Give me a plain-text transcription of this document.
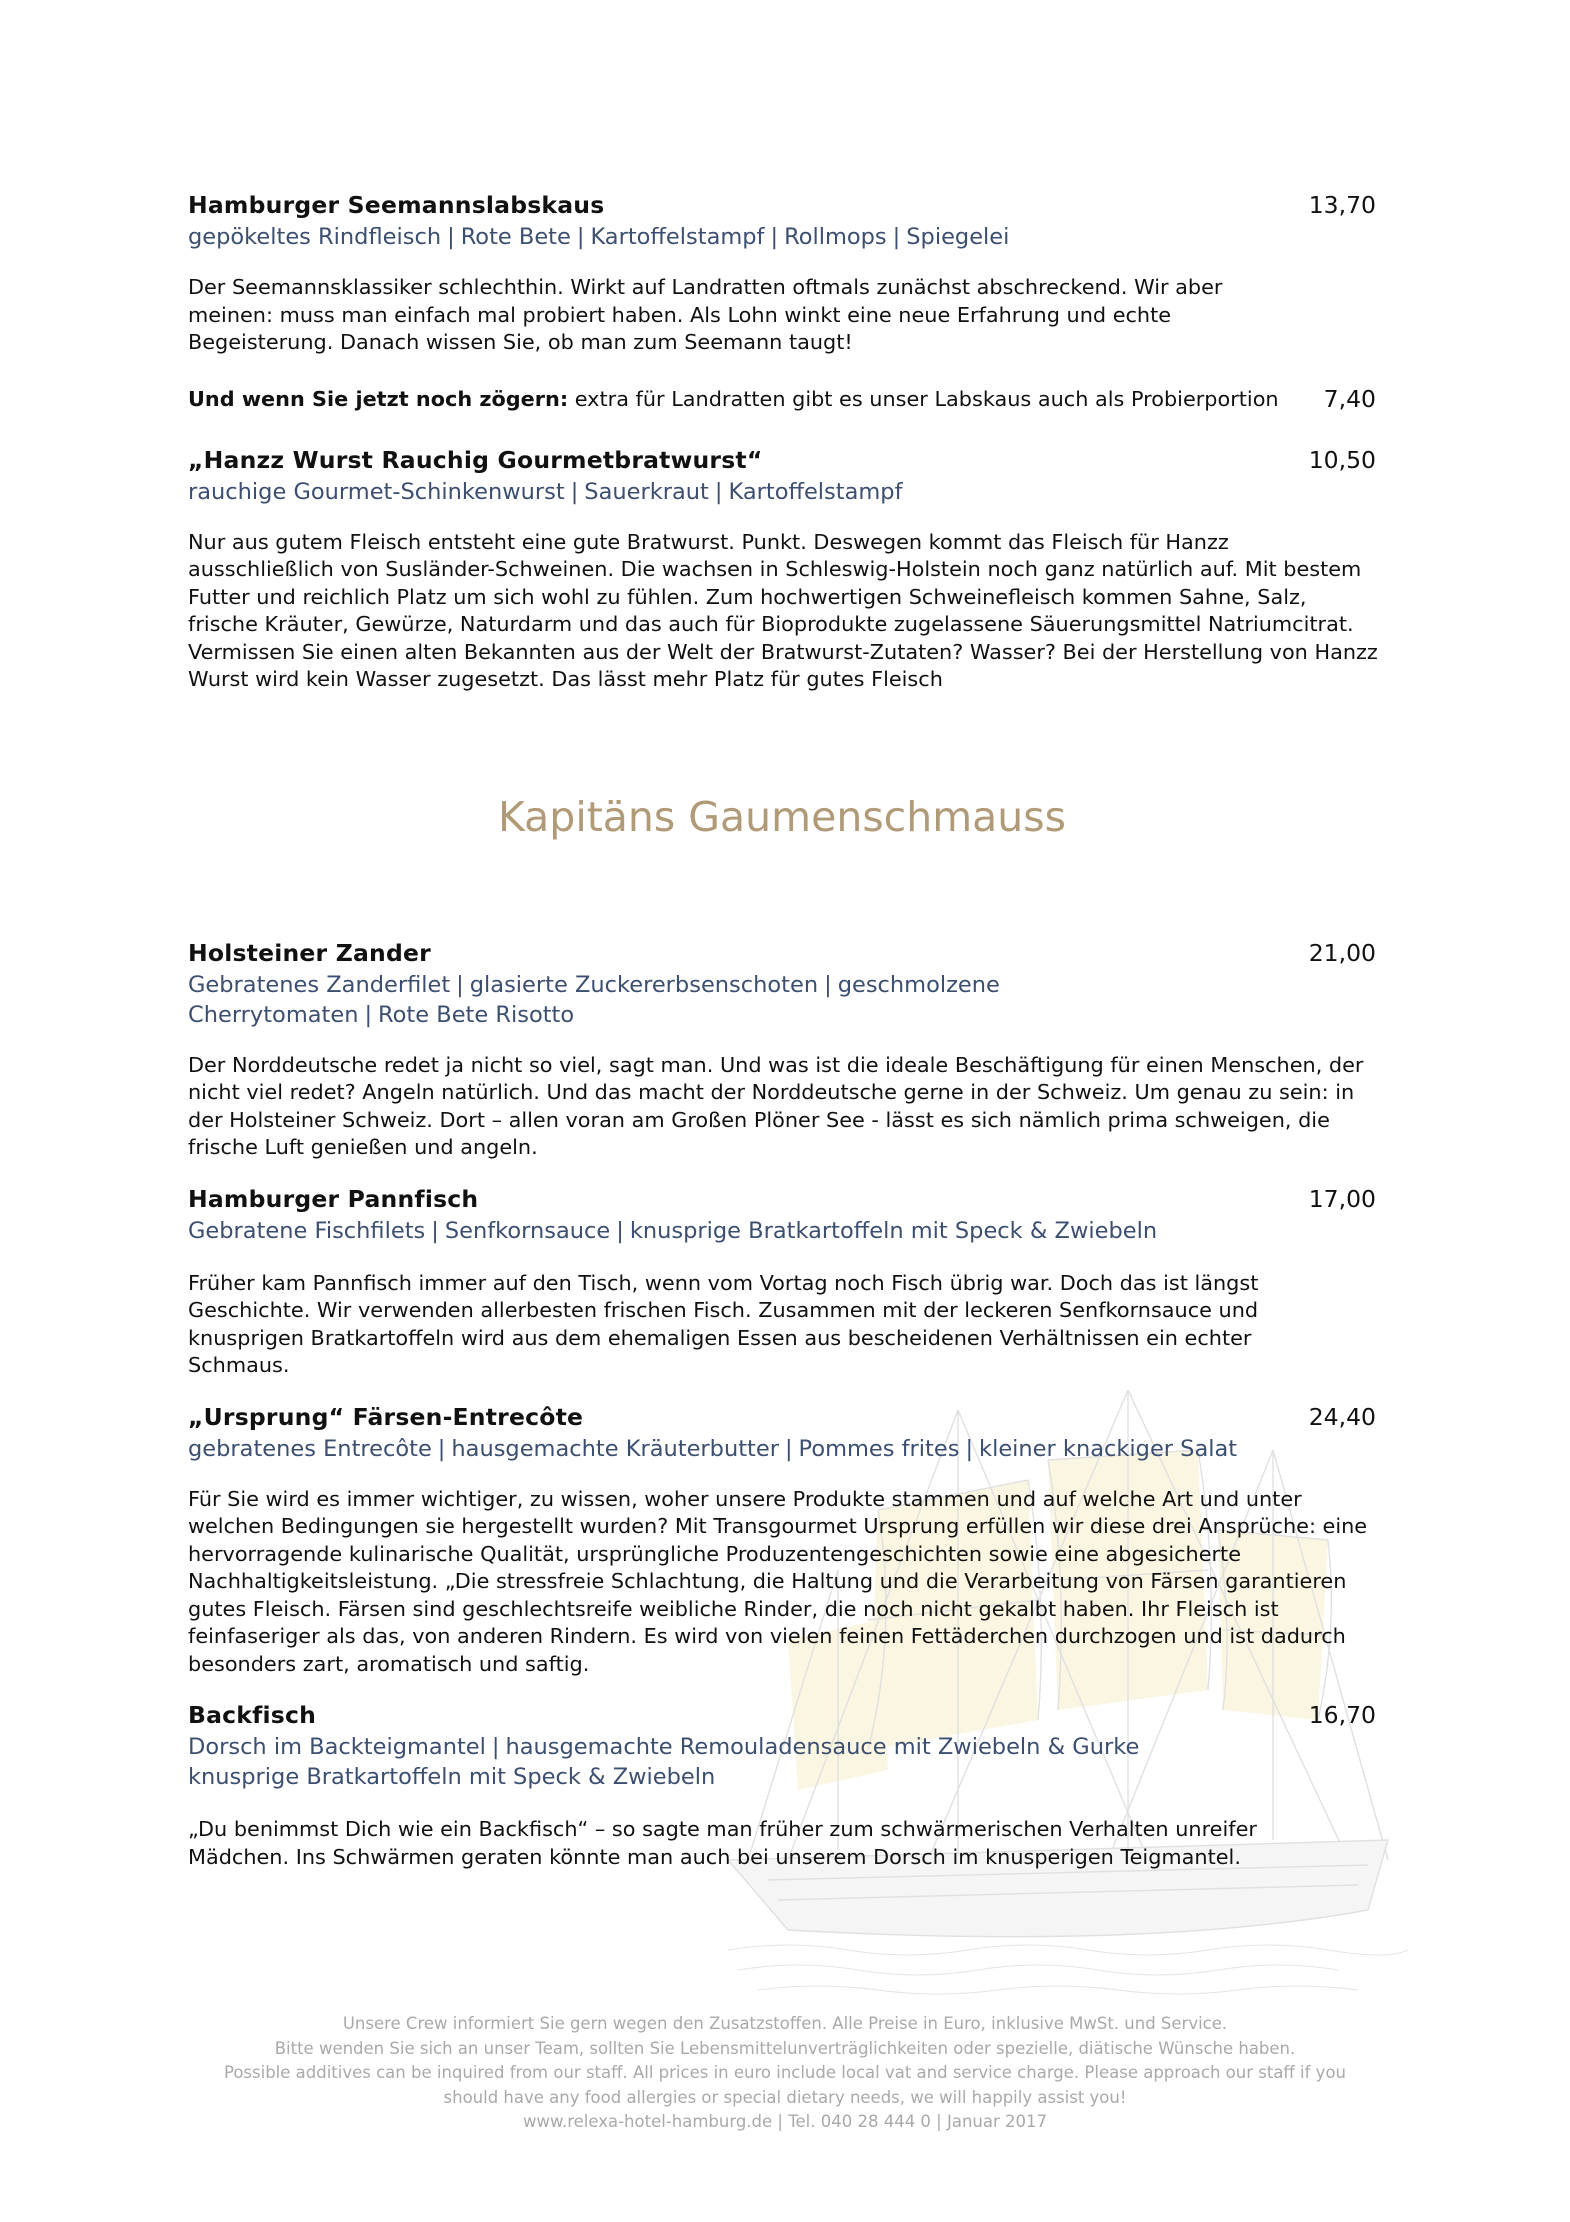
Hamburger Seemannslabskaus	13,70
gepökeltes Rindfleisch | Rote Bete | Kartoffelstampf | Rollmops | Spiegelei
Der Seemannsklassiker schlechthin. Wirkt auf Landratten oftmals zunächst abschreckend. Wir aber meinen: muss man einfach mal probiert haben. Als Lohn winkt eine neue Erfahrung und echte Begeisterung. Danach wissen Sie, ob man zum Seemann taugt!
Und wenn Sie jetzt noch zögern: extra für Landratten gibt es unser Labskaus auch als Probierportion 7,40
„Hanzz Wurst Rauchig Gourmetbratwurst“	10,50
rauchige Gourmet-Schinkenwurst | Sauerkraut | Kartoffelstampf
Nur aus gutem Fleisch entsteht eine gute Bratwurst. Punkt. Deswegen kommt das Fleisch für Hanzz ausschließlich von Susländer-Schweinen. Die wachsen in Schleswig-Holstein noch ganz natürlich auf. Mit bestem Futter und reichlich Platz um sich wohl zu fühlen. Zum hochwertigen Schweinefleisch kommen Sahne, Salz, frische Kräuter, Gewürze, Naturdarm und das auch für Bioprodukte zugelassene Säuerungsmittel Natriumcitrat. Vermissen Sie einen alten Bekannten aus der Welt der Bratwurst-Zutaten? Wasser? Bei der Herstellung von Hanzz Wurst wird kein Wasser zugesetzt. Das lässt mehr Platz für gutes Fleisch
Kapitäns Gaumenschmauss
Holsteiner Zander	21,00
Gebratenes Zanderfilet | glasierte Zuckererbsenschoten | geschmolzene
Cherrytomaten | Rote Bete Risotto
Der Norddeutsche redet ja nicht so viel, sagt man. Und was ist die ideale Beschäftigung für einen Menschen, der nicht viel redet? Angeln natürlich. Und das macht der Norddeutsche gerne in der Schweiz. Um genau zu sein: in der Holsteiner Schweiz. Dort – allen voran am Großen Plöner See - lässt es sich nämlich prima schweigen, die frische Luft genießen und angeln.
Hamburger Pannfisch	17,00
Gebratene Fischfilets | Senfkornsauce | knusprige Bratkartoffeln mit Speck & Zwiebeln
Früher kam Pannfisch immer auf den Tisch, wenn vom Vortag noch Fisch übrig war. Doch das ist längst Geschichte. Wir verwenden allerbesten frischen Fisch. Zusammen mit der leckeren Senfkornsauce und knusprigen Bratkartoffeln wird aus dem ehemaligen Essen aus bescheidenen Verhältnissen ein echter Schmaus.
„Ursprung“ Färsen-Entrecôte	24,40
gebratenes Entrecôte | hausgemachte Kräuterbutter | Pommes frites | kleiner knackiger Salat
Für Sie wird es immer wichtiger, zu wissen, woher unsere Produkte stammen und auf welche Art und unter welchen Bedingungen sie hergestellt wurden? Mit Transgourmet Ursprung erfüllen wir diese drei Ansprüche: eine hervorragende kulinarische Qualität, ursprüngliche Produzentengeschichten sowie eine abgesicherte Nachhaltigkeitsleistung. „Die stressfreie Schlachtung, die Haltung und die Verarbeitung von Färsen garantieren gutes Fleisch. Färsen sind geschlechtsreife weibliche Rinder, die noch nicht gekalbt haben. Ihr Fleisch ist feinfaseriger als das, von anderen Rindern. Es wird von vielen feinen Fettäderchen durchzogen und ist dadurch besonders zart, aromatisch und saftig.
Backfisch	16,70
Dorsch im Backteigmantel | hausgemachte Remouladensauce mit Zwiebeln & Gurke
knusprige Bratkartoffeln mit Speck & Zwiebeln
„Du benimmst Dich wie ein Backfisch“ – so sagte man früher zum schwärmerischen Verhalten unreifer Mädchen. Ins Schwärmen geraten könnte man auch bei unserem Dorsch im knusperigen Teigmantel.
Unsere Crew informiert Sie gern wegen den Zusatzstoffen. Alle Preise in Euro, inklusive MwSt. und Service.
Bitte wenden Sie sich an unser Team, sollten Sie Lebensmittelunverträglichkeiten oder spezielle, diätische Wünsche haben.
Possible additives can be inquired from our staff. All prices in euro include local vat and service charge. Please approach our staff if you
should have any food allergies or special dietary needs, we will happily assist you!
www.relexa-hotel-hamburg.de | Tel. 040 28 444 0 | Januar 2017
